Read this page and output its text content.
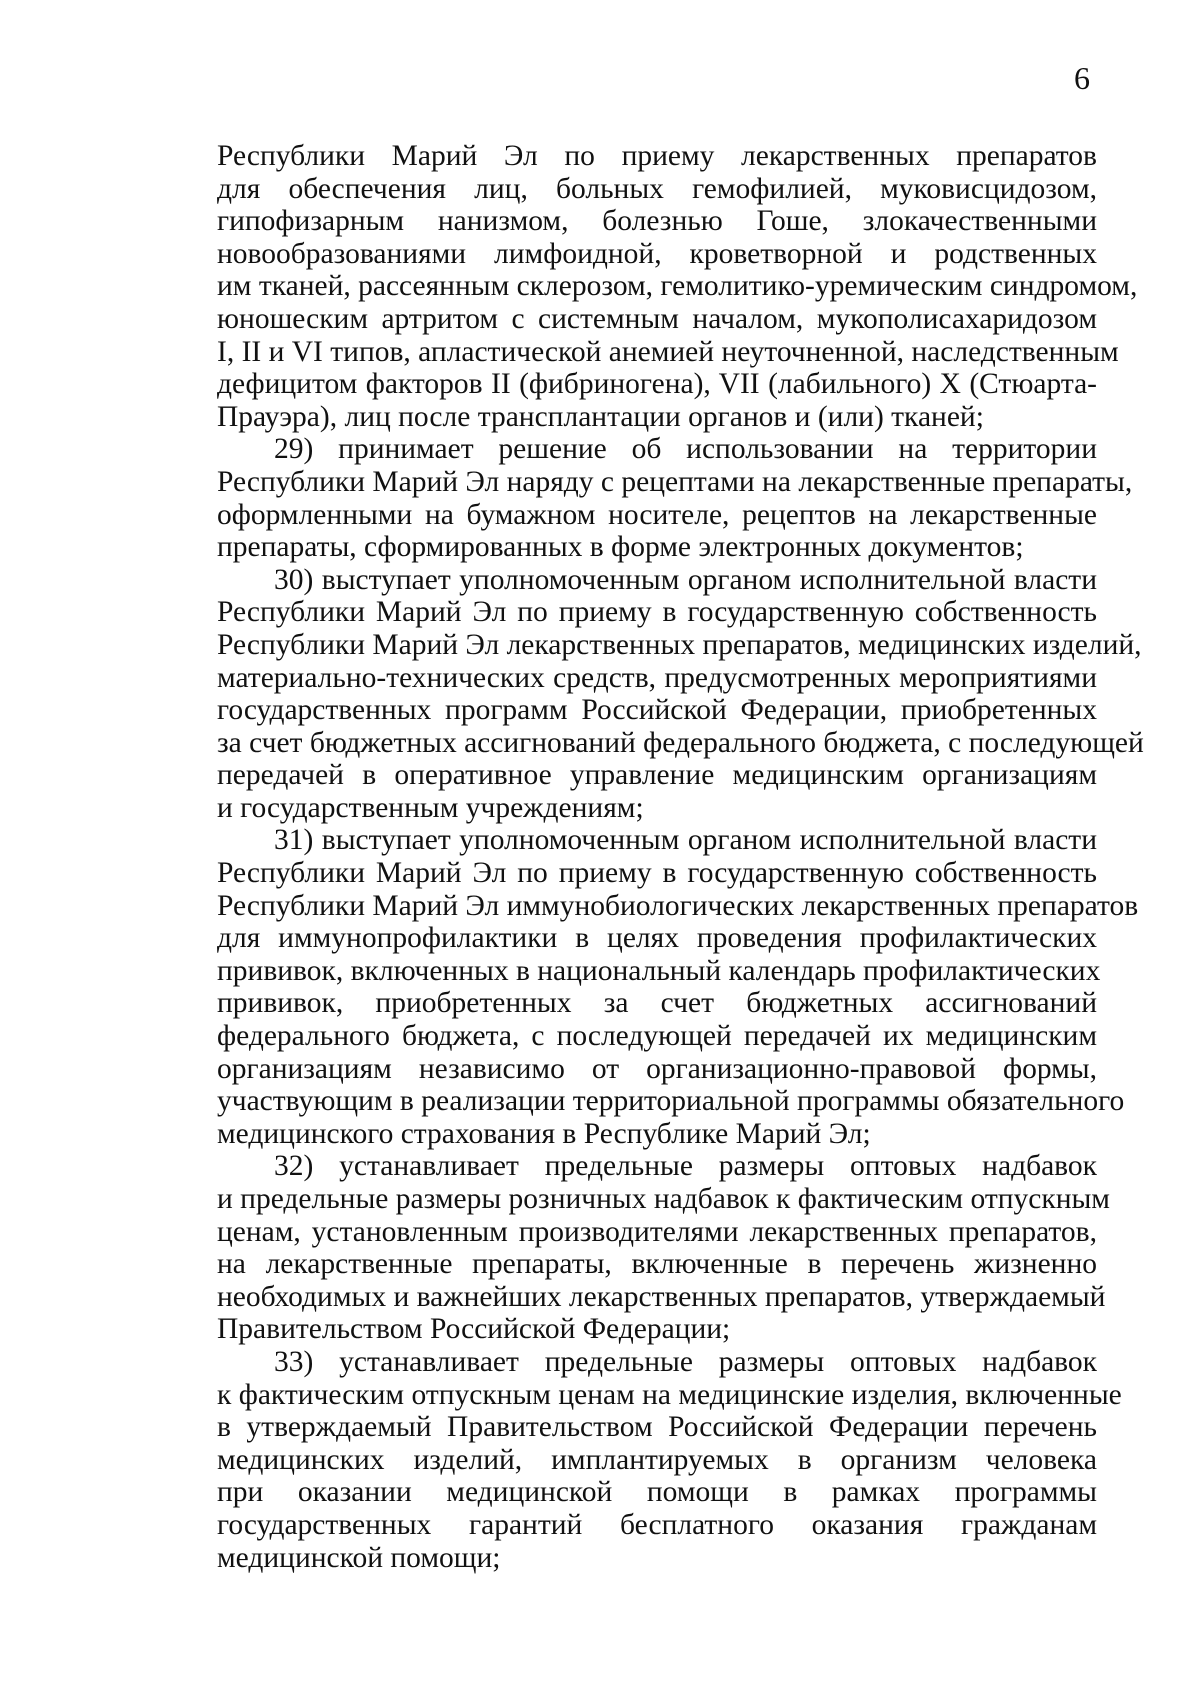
6
Республики Марий Эл по приему лекарственных препаратов
для обеспечения лиц, больных гемофилией, муковисцидозом,
гипофизарным нанизмом, болезнью Гоше, злокачественными
новообразованиями лимфоидной, кроветворной и родственных
им тканей, рассеянным склерозом, гемолитико-уремическим синдромом,
юношеским артритом с системным началом, мукополисахаридозом
I, II и VI типов, апластической анемией неуточненной, наследственным
дефицитом факторов II (фибриногена), VII (лабильного) X (Стюарта-
Прауэра), лиц после трансплантации органов и (или) тканей;
29) принимает решение об использовании на территории
Республики Марий Эл наряду с рецептами на лекарственные препараты,
оформленными на бумажном носителе, рецептов на лекарственные
препараты, сформированных в форме электронных документов;
30) выступает уполномоченным органом исполнительной власти
Республики Марий Эл по приему в государственную собственность
Республики Марий Эл лекарственных препаратов, медицинских изделий,
материально-технических средств, предусмотренных мероприятиями
государственных программ Российской Федерации, приобретенных
за счет бюджетных ассигнований федерального бюджета, с последующей
передачей в оперативное управление медицинским организациям
и государственным учреждениям;
31) выступает уполномоченным органом исполнительной власти
Республики Марий Эл по приему в государственную собственность
Республики Марий Эл иммунобиологических лекарственных препаратов
для иммунопрофилактики в целях проведения профилактических
прививок, включенных в национальный календарь профилактических
прививок, приобретенных за счет бюджетных ассигнований
федерального бюджета, с последующей передачей их медицинским
организациям независимо от организационно-правовой формы,
участвующим в реализации территориальной программы обязательного
медицинского страхования в Республике Марий Эл;
32) устанавливает предельные размеры оптовых надбавок
и предельные размеры розничных надбавок к фактическим отпускным
ценам, установленным производителями лекарственных препаратов,
на лекарственные препараты, включенные в перечень жизненно
необходимых и важнейших лекарственных препаратов, утверждаемый
Правительством Российской Федерации;
33) устанавливает предельные размеры оптовых надбавок
к фактическим отпускным ценам на медицинские изделия, включенные
в утверждаемый Правительством Российской Федерации перечень
медицинских изделий, имплантируемых в организм человека
при оказании медицинской помощи в рамках программы
государственных гарантий бесплатного оказания гражданам
медицинской помощи;
